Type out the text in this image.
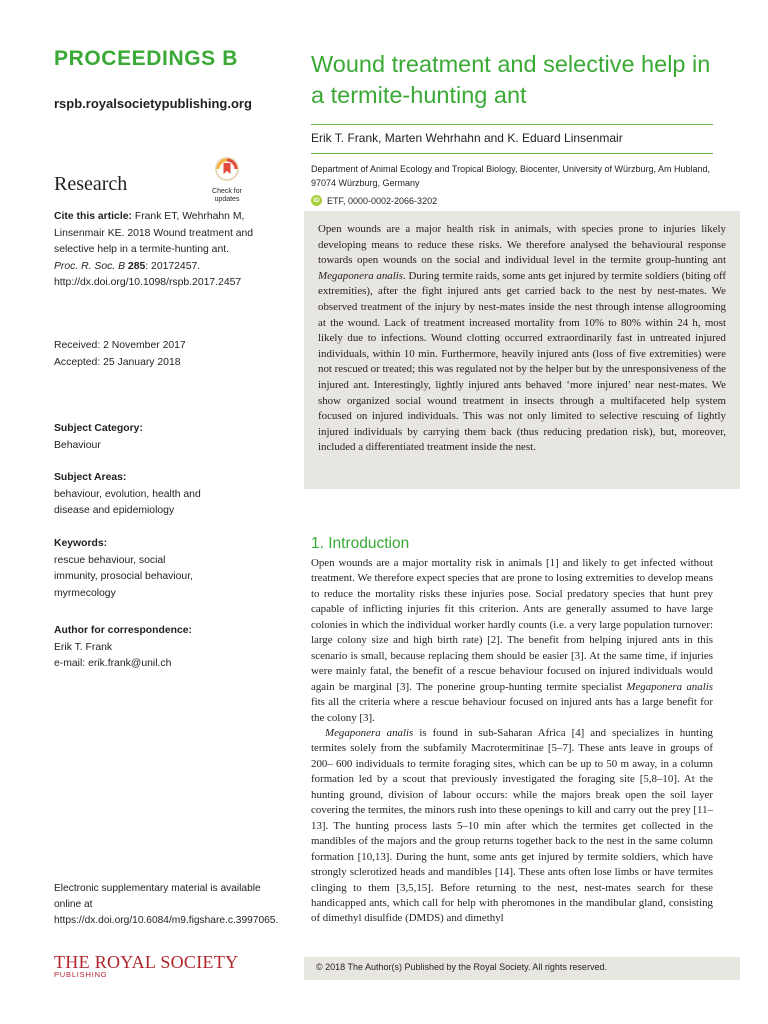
PROCEEDINGS B
rspb.royalsocietypublishing.org
Research	Check for updates
Cite this article: Frank ET, Wehrhahn M, Linsenmair KE. 2018 Wound treatment and selective help in a termite-hunting ant. Proc. R. Soc. B 285: 20172457. http://dx.doi.org/10.1098/rspb.2017.2457
Received: 2 November 2017
Accepted: 25 January 2018
Subject Category:
Behaviour
Subject Areas:
behaviour, evolution, health and disease and epidemiology
Keywords:
rescue behaviour, social immunity, prosocial behaviour, myrmecology
Author for correspondence:
Erik T. Frank
e-mail: erik.frank@unil.ch
Electronic supplementary material is available online at https://dx.doi.org/10.6084/m9.figshare.c.3997065.
THE ROYAL SOCIETY
PUBLISHING
Wound treatment and selective help in a termite-hunting ant
Erik T. Frank, Marten Wehrhahn and K. Eduard Linsenmair
Department of Animal Ecology and Tropical Biology, Biocenter, University of Würzburg, Am Hubland, 97074 Würzburg, Germany
iD ETF, 0000-0002-2066-3202
Open wounds are a major health risk in animals, with species prone to injuries likely developing means to reduce these risks. We therefore analysed the behavioural response towards open wounds on the social and individual level in the termite group-hunting ant Megaponera analis. During termite raids, some ants get injured by termite soldiers (biting off extremities), after the fight injured ants get carried back to the nest by nest-mates. We observed treatment of the injury by nest-mates inside the nest through intense allogrooming at the wound. Lack of treatment increased mortality from 10% to 80% within 24 h, most likely due to infections. Wound clotting occurred extraordinarily fast in untreated injured individuals, within 10 min. Furthermore, heavily injured ants (loss of five extremities) were not rescued or treated; this was regulated not by the helper but by the unresponsiveness of the injured ant. Interestingly, lightly injured ants behaved ‘more injured’ near nest-mates. We show organized social wound treatment in insects through a multifaceted help system focused on injured individuals. This was not only limited to selective rescuing of lightly injured individuals by carrying them back (thus reducing predation risk), but, moreover, included a differentiated treatment inside the nest.
1. Introduction

Open wounds are a major mortality risk in animals [1] and likely to get infected without treatment. We therefore expect species that are prone to losing extremities to develop means to reduce the mortality risks these injuries pose. Social predatory species that hunt prey capable of inflicting injuries fit this criterion. Ants are generally assumed to have large colonies in which the individual worker hardly counts (i.e. a very large population turnover: large colony size and high birth rate) [2]. The benefit from helping injured ants in this scenario is small, because replacing them should be easier [3]. At the same time, if injuries were mainly fatal, the benefit of a rescue behaviour focused on injured individuals would again be marginal [3]. The ponerine group-hunting termite specialist Megaponera analis fits all the criteria where a rescue behaviour focused on injured ants has a large benefit for the colony [3].

Megaponera analis is found in sub-Saharan Africa [4] and specializes in hunting termites solely from the subfamily Macrotermitinae [5–7]. These ants leave in groups of 200– 600 individuals to termite foraging sites, which can be up to 50 m away, in a column formation led by a scout that previously investigated the foraging site [5,8–10]. At the hunting ground, division of labour occurs: while the majors break open the soil layer covering the termites, the minors rush into these openings to kill and carry out the prey [11–13]. The hunting process lasts 5–10 min after which the termites get collected in the mandibles of the majors and the group returns together back to the nest in the same column formation [10,13]. During the hunt, some ants get injured by termite soldiers, which have strongly sclerotized heads and mandibles [14]. These ants often lose limbs or have termites clinging to them [3,5,15]. Before returning to the nest, nest-mates search for these handicapped ants, which call for help with pheromones in the mandibular gland, consisting of dimethyl disulfide (DMDS) and dimethyl

© 2018 The Author(s) Published by the Royal Society. All rights reserved.
